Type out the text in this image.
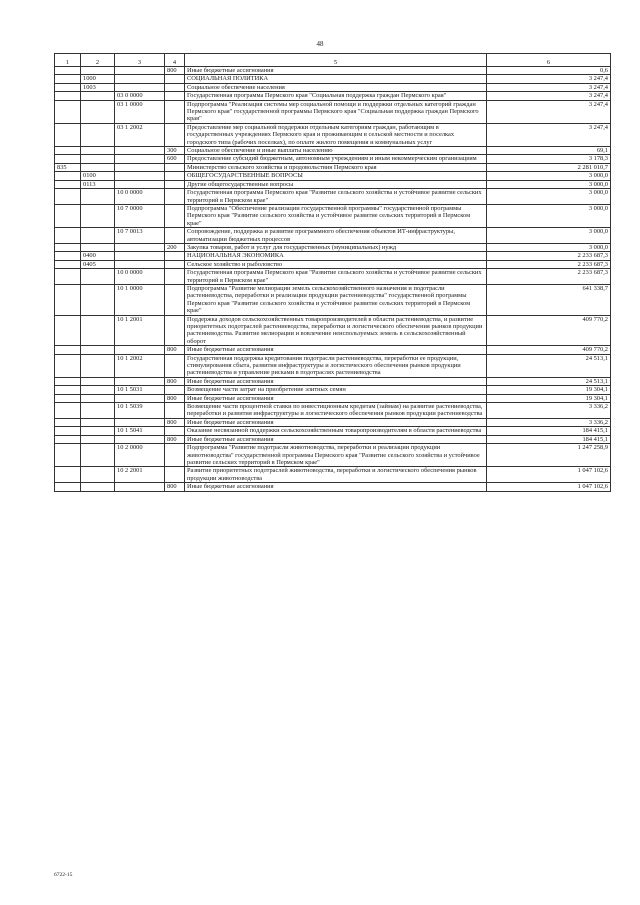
48
1	2	3	4	5	6
			800	Иные бюджетные ассигнования	0,6
	1000			СОЦИАЛЬНАЯ ПОЛИТИКА	3 247,4
	1003			Социальное обеспечение населения	3 247,4
		03 0 0000		Государственная программа Пермского края "Социальная поддержка граждан Пермского края"	3 247,4
		03 1 0000		Подпрограмма "Реализация системы мер социальной помощи и поддержки отдельных категорий граждан Пермского края" государственной программы Пермского края "Социальная поддержка граждан Пермского края"	3 247,4
		03 1 2002		Предоставление мер социальной поддержки отдельным категориям граждан, работающим в государственных учреждениях Пермского края и проживающим в сельской местности и поселках городского типа (рабочих поселках), по оплате жилого помещения и коммунальных услуг	3 247,4
			300	Социальное обеспечение и иные выплаты населению	69,1
			600	Предоставление субсидий бюджетным, автономным учреждениям и иным некоммерческим организациям	3 178,3
835				Министерство сельского хозяйства и продовольствия Пермского края	2 281 010,7
	0100			ОБЩЕГОСУДАРСТВЕННЫЕ ВОПРОСЫ	3 000,0
	0113			Другие общегосударственные вопросы	3 000,0
		10 0 0000		Государственная программа Пермского края "Развитие сельского хозяйства и устойчивое развитие сельских территорий в Пермском крае"	3 000,0
		10 7 0000		Подпрограмма "Обеспечение реализации государственной программы" государственной программы Пермского края "Развитие сельского хозяйства и устойчивое развитие сельских территорий в Пермском крае"	3 000,0
		10 7 0013		Сопровождение, поддержка и развитие программного обеспечения объектов ИТ-инфраструктуры, автоматизации бюджетных процессов	3 000,0
			200	Закупка товаров, работ и услуг для государственных (муниципальных) нужд	3 000,0
	0400			НАЦИОНАЛЬНАЯ ЭКОНОМИКА	2 233 687,3
	0405			Сельское хозяйство и рыболовство	2 233 687,3
		10 0 0000		Государственная программа Пермского края "Развитие сельского хозяйства и устойчивое развитие сельских территорий в Пермском крае"	2 233 687,3
		10 1 0000		Подпрограмма "Развитие мелиорации земель сельскохозяйственного назначения и подотрасли растениеводства, переработки и реализации продукции растениеводства" государственной программы Пермского края "Развитие сельского хозяйства и устойчивое развитие сельских территорий в Пермском крае"	641 338,7
		10 1 2001		Поддержка доходов сельскохозяйственных товаропроизводителей в области растениеводства, и развитие приоритетных подотраслей растениеводства, переработки и логистического обеспечения рынков продукции растениеводства. Развитие мелиорации и вовлечение неиспользуемых земель в сельскохозяйственный оборот	409 770,2
			800	Иные бюджетные ассигнования	409 770,2
		10 1 2002		Государственная поддержка кредитования подотрасли растениеводства, переработки ее продукции, стимулирования сбыта, развития инфраструктуры и логистического обеспечения рынков продукции растениеводства и управление рисками в подотраслях растениеводства	24 513,1
			800	Иные бюджетные ассигнования	24 513,1
		10 1 5031		Возмещение части затрат на приобретение элитных семян	19 304,1
			800	Иные бюджетные ассигнования	19 304,1
		10 1 5039		Возмещение части процентной ставки по инвестиционным кредитам (займам) на развитие растениеводства, переработки и развития инфраструктуры и логистического обеспечения рынков продукции растениеводства	3 336,2
			800	Иные бюджетные ассигнования	3 336,2
		10 1 5041		Оказание несвязанной поддержки сельскохозяйственным товаропроизводителям в области растениеводства	184 415,1
			800	Иные бюджетные ассигнования	184 415,1
		10 2 0000		Подпрограмма "Развитие подотрасли животноводства, переработки и реализации продукции животноводства" государственной программы Пермского края "Развитие сельского хозяйства и устойчивое развитие сельских территорий в Пермском крае"	1 247 258,9
		10 2 2001		Развитие приоритетных подотраслей животноводства, переработки и логистического обеспечения рынков продукции животноводства	1 047 102,6
			800	Иные бюджетные ассигнования	1 047 102,6
6722-15
